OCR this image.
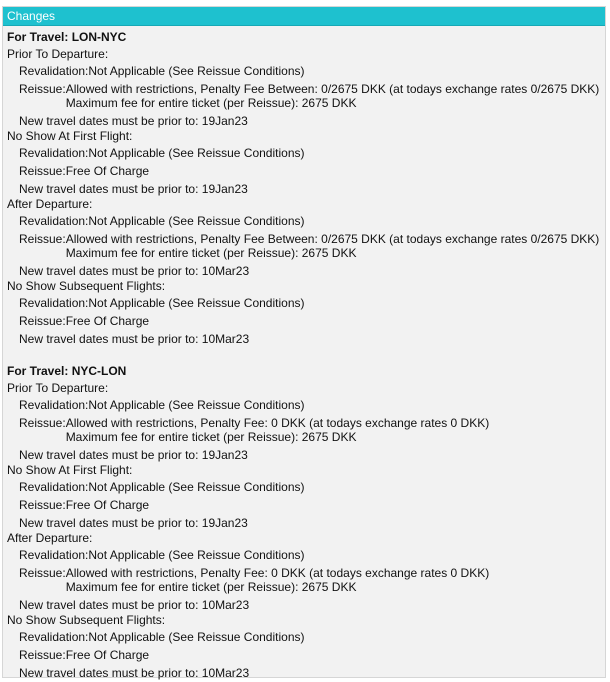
Changes
For Travel: LON-NYC
Prior To Departure:
Revalidation: Not Applicable (See Reissue Conditions)
Reissue: Allowed with restrictions, Penalty Fee Between: 0/2675 DKK (at todays exchange rates 0/2675 DKK)
Maximum fee for entire ticket (per Reissue): 2675 DKK
New travel dates must be prior to: 19Jan23
No Show At First Flight:
Revalidation: Not Applicable (See Reissue Conditions)
Reissue: Free Of Charge
New travel dates must be prior to: 19Jan23
After Departure:
Revalidation: Not Applicable (See Reissue Conditions)
Reissue: Allowed with restrictions, Penalty Fee Between: 0/2675 DKK (at todays exchange rates 0/2675 DKK)
Maximum fee for entire ticket (per Reissue): 2675 DKK
New travel dates must be prior to: 10Mar23
No Show Subsequent Flights:
Revalidation: Not Applicable (See Reissue Conditions)
Reissue: Free Of Charge
New travel dates must be prior to: 10Mar23
For Travel: NYC-LON
Prior To Departure:
Revalidation: Not Applicable (See Reissue Conditions)
Reissue: Allowed with restrictions, Penalty Fee: 0 DKK (at todays exchange rates 0 DKK)
Maximum fee for entire ticket (per Reissue): 2675 DKK
New travel dates must be prior to: 19Jan23
No Show At First Flight:
Revalidation: Not Applicable (See Reissue Conditions)
Reissue: Free Of Charge
New travel dates must be prior to: 19Jan23
After Departure:
Revalidation: Not Applicable (See Reissue Conditions)
Reissue: Allowed with restrictions, Penalty Fee: 0 DKK (at todays exchange rates 0 DKK)
Maximum fee for entire ticket (per Reissue): 2675 DKK
New travel dates must be prior to: 10Mar23
No Show Subsequent Flights:
Revalidation: Not Applicable (See Reissue Conditions)
Reissue: Free Of Charge
New travel dates must be prior to: 10Mar23
